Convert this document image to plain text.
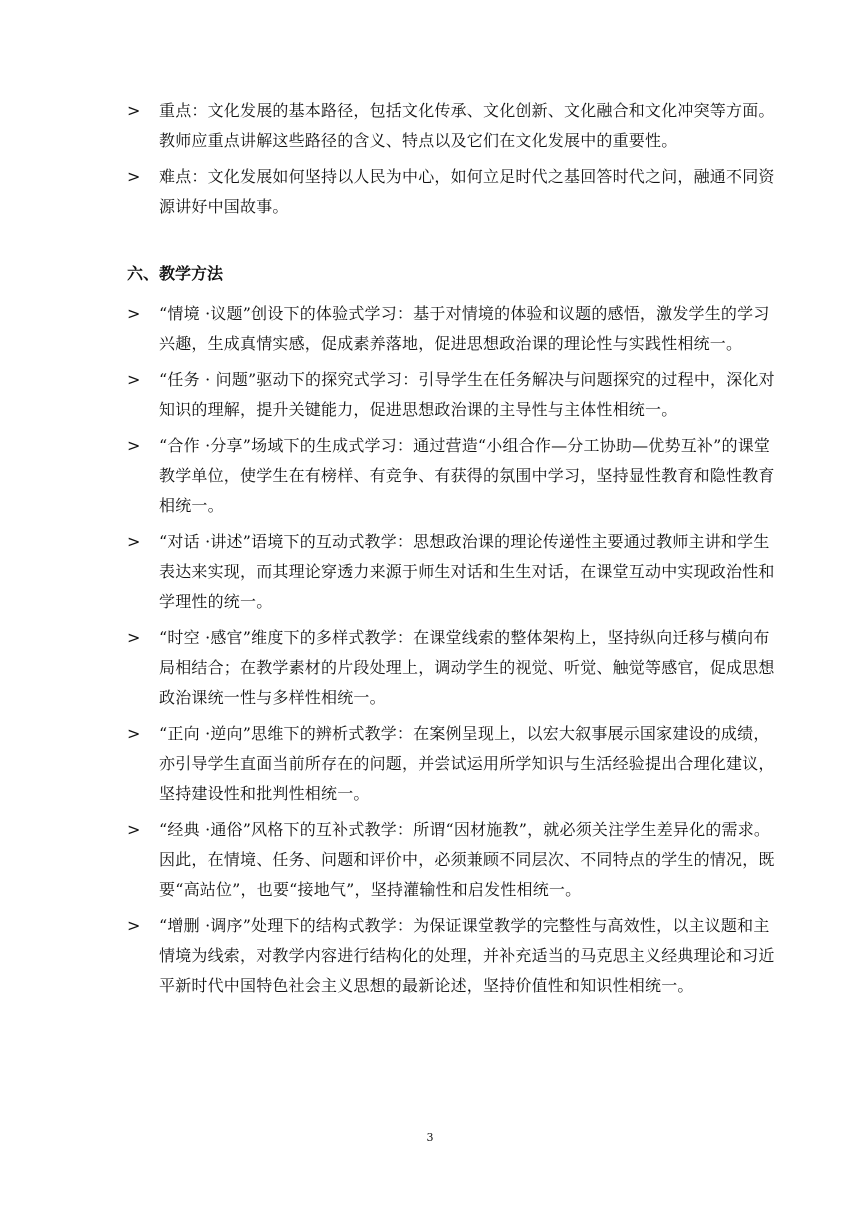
>	重点：文化发展的基本路径，包括文化传承、文化创新、文化融合和文化冲突等方面。教师应重点讲解这些路径的含义、特点以及它们在文化发展中的重要性。
>	难点：文化发展如何坚持以人民为中心，如何立足时代之基回答时代之问，融通不同资源讲好中国故事。
六、教学方法
>	“情境 ·议题”创设下的体验式学习：基于对情境的体验和议题的感悟，激发学生的学习兴趣，生成真情实感，促成素养落地，促进思想政治课的理论性与实践性相统一。
>	“任务 · 问题”驱动下的探究式学习：引导学生在任务解决与问题探究的过程中，深化对知识的理解，提升关键能力，促进思想政治课的主导性与主体性相统一。
>	“合作 ·分享”场域下的生成式学习：通过营造“小组合作—分工协助—优势互补”的课堂教学单位，使学生在有榜样、有竞争、有获得的氛围中学习，坚持显性教育和隐性教育相统一。
>	“对话 ·讲述”语境下的互动式教学：思想政治课的理论传递性主要通过教师主讲和学生表达来实现，而其理论穿透力来源于师生对话和生生对话，在课堂互动中实现政治性和学理性的统一。
>	“时空 ·感官”维度下的多样式教学：在课堂线索的整体架构上，坚持纵向迁移与横向布局相结合；在教学素材的片段处理上，调动学生的视觉、听觉、触觉等感官，促成思想政治课统一性与多样性相统一。
>	“正向 ·逆向”思维下的辨析式教学：在案例呈现上，以宏大叙事展示国家建设的成绩，亦引导学生直面当前所存在的问题，并尝试运用所学知识与生活经验提出合理化建议，坚持建设性和批判性相统一。
>	“经典 ·通俗”风格下的互补式教学：所谓“因材施教”，就必须关注学生差异化的需求。因此，在情境、任务、问题和评价中，必须兼顾不同层次、不同特点的学生的情况，既要“高站位”，也要“接地气”，坚持灌输性和启发性相统一。
>	“增删 ·调序”处理下的结构式教学：为保证课堂教学的完整性与高效性，以主议题和主情境为线索，对教学内容进行结构化的处理，并补充适当的马克思主义经典理论和习近平新时代中国特色社会主义思想的最新论述，坚持价值性和知识性相统一。
3
